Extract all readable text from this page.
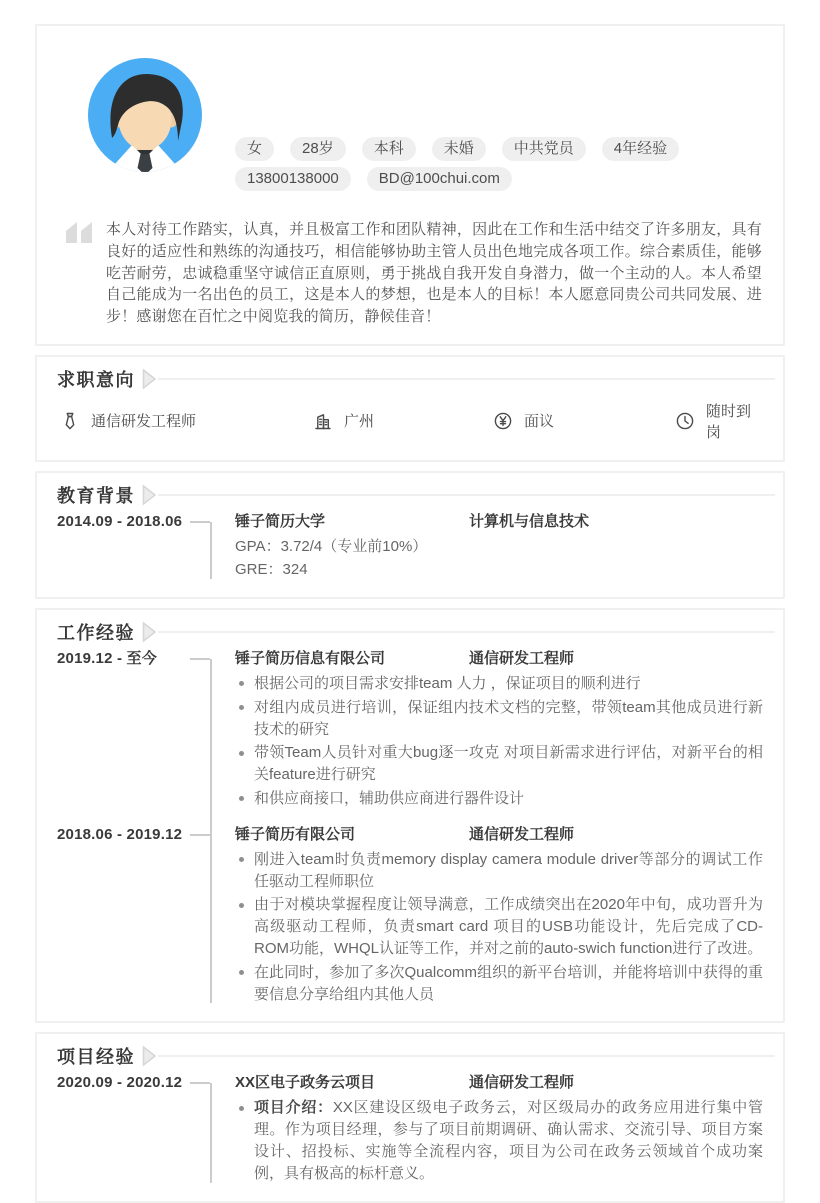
女	28岁	本科	未婚	中共党员	4年经验
13800138000	BD@100chui.com

本人对待工作踏实，认真，并且极富工作和团队精神，因此在工作和生活中结交了许多朋友，具有良好的适应性和熟练的沟通技巧，相信能够协助主管人员出色地完成各项工作。综合素质佳，能够吃苦耐劳，忠诚稳重坚守诚信正直原则，勇于挑战自我开发自身潜力，做一个主动的人。本人希望自己能成为一名出色的员工，这是本人的梦想，也是本人的目标！本人愿意同贵公司共同发展、进步！感谢您在百忙之中阅览我的简历，静候佳音！

求职意向
通信研发工程师	广州	面议
随时到岗
教育背景
2014.09 - 2018.06	锤子简历大学	计算机与信息技术
GPA：3.72/4（专业前10%）
GRE：324
工作经验
2019.12 - 至今	锤子简历信息有限公司	通信研发工程师
根据公司的项目需求安排team 人力 ，保证项目的顺利进行
对组内成员进行培训，保证组内技术文档的完整，带领team其他成员进行新技术的研究
带领Team人员针对重大bug逐一攻克 对项目新需求进行评估，对新平台的相关feature进行研究
和供应商接口，辅助供应商进行器件设计
2018.06 - 2019.12	锤子简历有限公司	通信研发工程师
刚进入team时负责memory display camera module driver等部分的调试工作任驱动工程师职位
由于对模块掌握程度让领导满意，工作成绩突出在2020年中旬，成功晋升为高级驱动工程师，负责smart card 项目的USB功能设计，先后完成了CD-ROM功能，WHQL认证等工作，并对之前的auto-swich function进行了改进。
在此同时，参加了多次Qualcomm组织的新平台培训，并能将培训中获得的重要信息分享给组内其他人员
项目经验
2020.09 - 2020.12	XX区电子政务云项目	通信研发工程师
项目介绍：XX区建设区级电子政务云，对区级局办的政务应用进行集中管理。作为项目经理，参与了项目前期调研、确认需求、交流引导、项目方案设计、招投标、实施等全流程内容，项目为公司在政务云领域首个成功案例，具有极高的标杆意义。
